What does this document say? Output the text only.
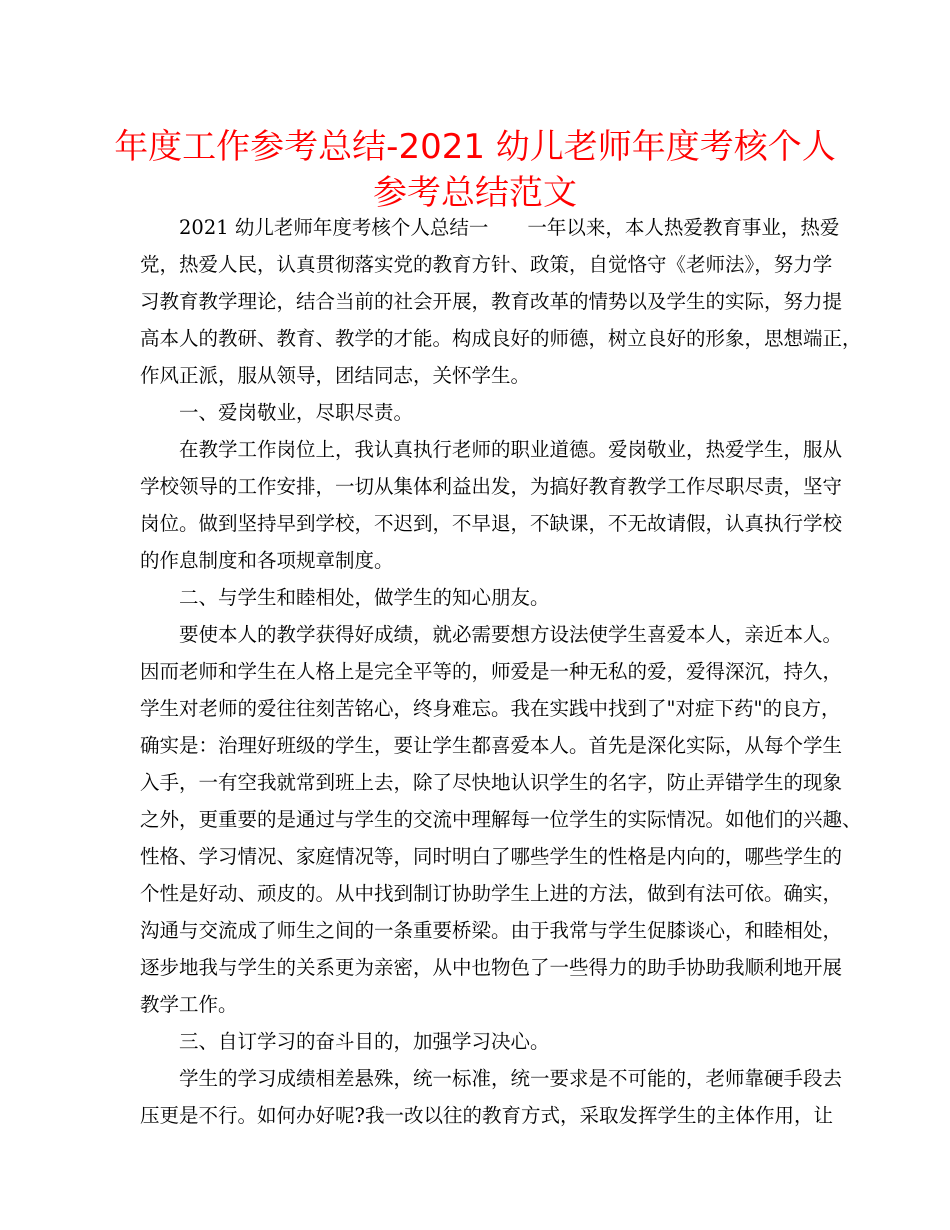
年度工作参考总结-2021 幼儿老师年度考核个人
参考总结范文
2021 幼儿老师年度考核个人总结一　　一年以来，本人热爱教育事业，热爱
党，热爱人民，认真贯彻落实党的教育方针、政策，自觉恪守《老师法》，努力学
习教育教学理论，结合当前的社会开展，教育改革的情势以及学生的实际，努力提
高本人的教研、教育、教学的才能。构成良好的师德，树立良好的形象，思想端正，
作风正派，服从领导，团结同志，关怀学生。
一、爱岗敬业，尽职尽责。
在教学工作岗位上，我认真执行老师的职业道德。爱岗敬业，热爱学生，服从
学校领导的工作安排，一切从集体利益出发，为搞好教育教学工作尽职尽责，坚守
岗位。做到坚持早到学校，不迟到，不早退，不缺课，不无故请假，认真执行学校
的作息制度和各项规章制度。
二、与学生和睦相处，做学生的知心朋友。
要使本人的教学获得好成绩，就必需要想方设法使学生喜爱本人，亲近本人。
因而老师和学生在人格上是完全平等的，师爱是一种无私的爱，爱得深沉，持久，
学生对老师的爱往往刻苦铭心，终身难忘。我在实践中找到了"对症下药"的良方，
确实是：治理好班级的学生，要让学生都喜爱本人。首先是深化实际，从每个学生
入手，一有空我就常到班上去，除了尽快地认识学生的名字，防止弄错学生的现象
之外，更重要的是通过与学生的交流中理解每一位学生的实际情况。如他们的兴趣、
性格、学习情况、家庭情况等，同时明白了哪些学生的性格是内向的，哪些学生的
个性是好动、顽皮的。从中找到制订协助学生上进的方法，做到有法可依。确实，
沟通与交流成了师生之间的一条重要桥梁。由于我常与学生促膝谈心，和睦相处，
逐步地我与学生的关系更为亲密，从中也物色了一些得力的助手协助我顺利地开展
教学工作。
三、自订学习的奋斗目的，加强学习决心。
学生的学习成绩相差悬殊，统一标准，统一要求是不可能的，老师靠硬手段去
压更是不行。如何办好呢?我一改以往的教育方式，采取发挥学生的主体作用，让
